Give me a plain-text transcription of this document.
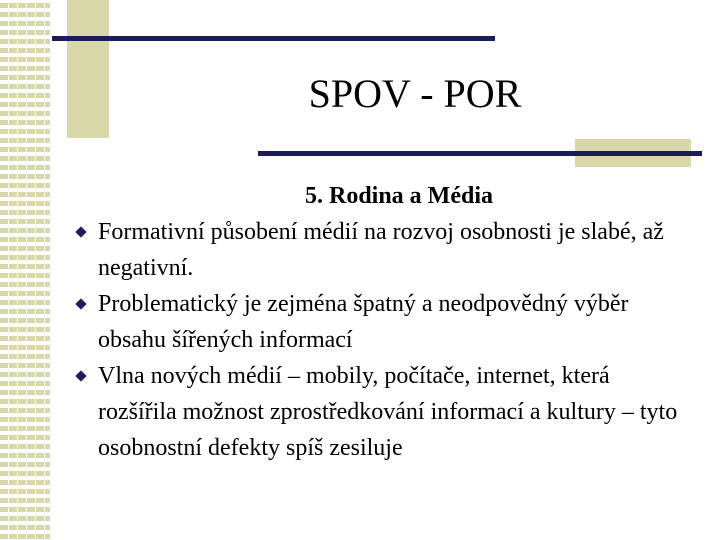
SPOV - POR
5. Rodina a Média
Formativní působení médií na rozvoj osobnosti je slabé, až negativní.
Problematický je zejména špatný a neodpovědný výběr obsahu šířených informací
Vlna nových médií – mobily, počítače, internet, která rozšířila možnost zprostředkování informací a kultury – tyto osobnostní defekty spíš zesiluje
